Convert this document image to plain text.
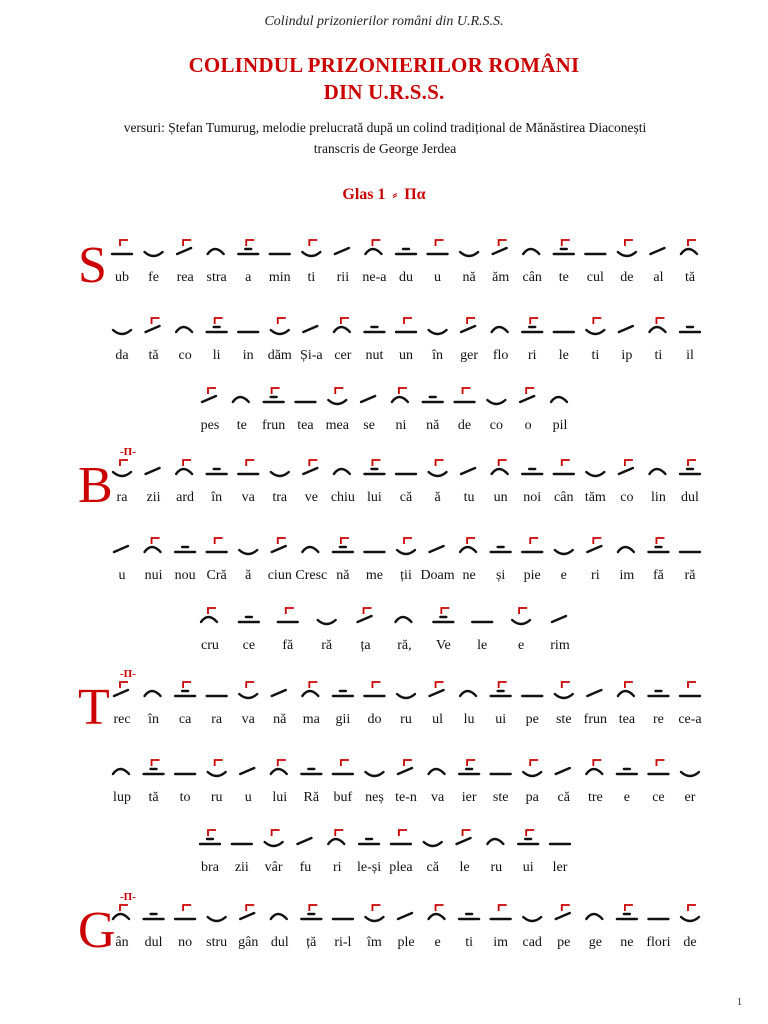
Colindul prizonierilor români din U.R.S.S.
COLINDUL PRIZONIERILOR ROMÂNI
DIN U.R.S.S.
versuri: Ștefan Tumurug, melodie prelucrată după un colind tradițional de Mănăstirea Diaconești
transcris de George Jerdea
Glas 1 ⸗ Πα
S ub fe rea stra a min ti rii ne-a du u nă ăm cân te cul de al tă
da tă co li in dăm Și-a cer nut un în ger flo ri le ti ip ti il
pes te frun tea mea se ni nă de co o pil
B
-Π-
ra zii ard în va tra ve chiu lui că ă tu un noi cân tăm co lin dul
u nui nou Cră ă ciun Cresc nă me ții Doam ne și pie e ri im fă ră
cru ce fă ră ța ră, Ve le e rim
T
-Π-
rec în ca ra va nă ma gii do ru ul lu ui pe ste frun tea re ce-a
lup tă to ru u lui Ră buf neș te-n va ier ste pa că tre e ce er
bra zii vâr fu ri le-și plea că le ru ui ler
G
-Π-
ân dul no stru gân dul ță ri-l îm ple e ti im cad pe ge ne flori de
1
